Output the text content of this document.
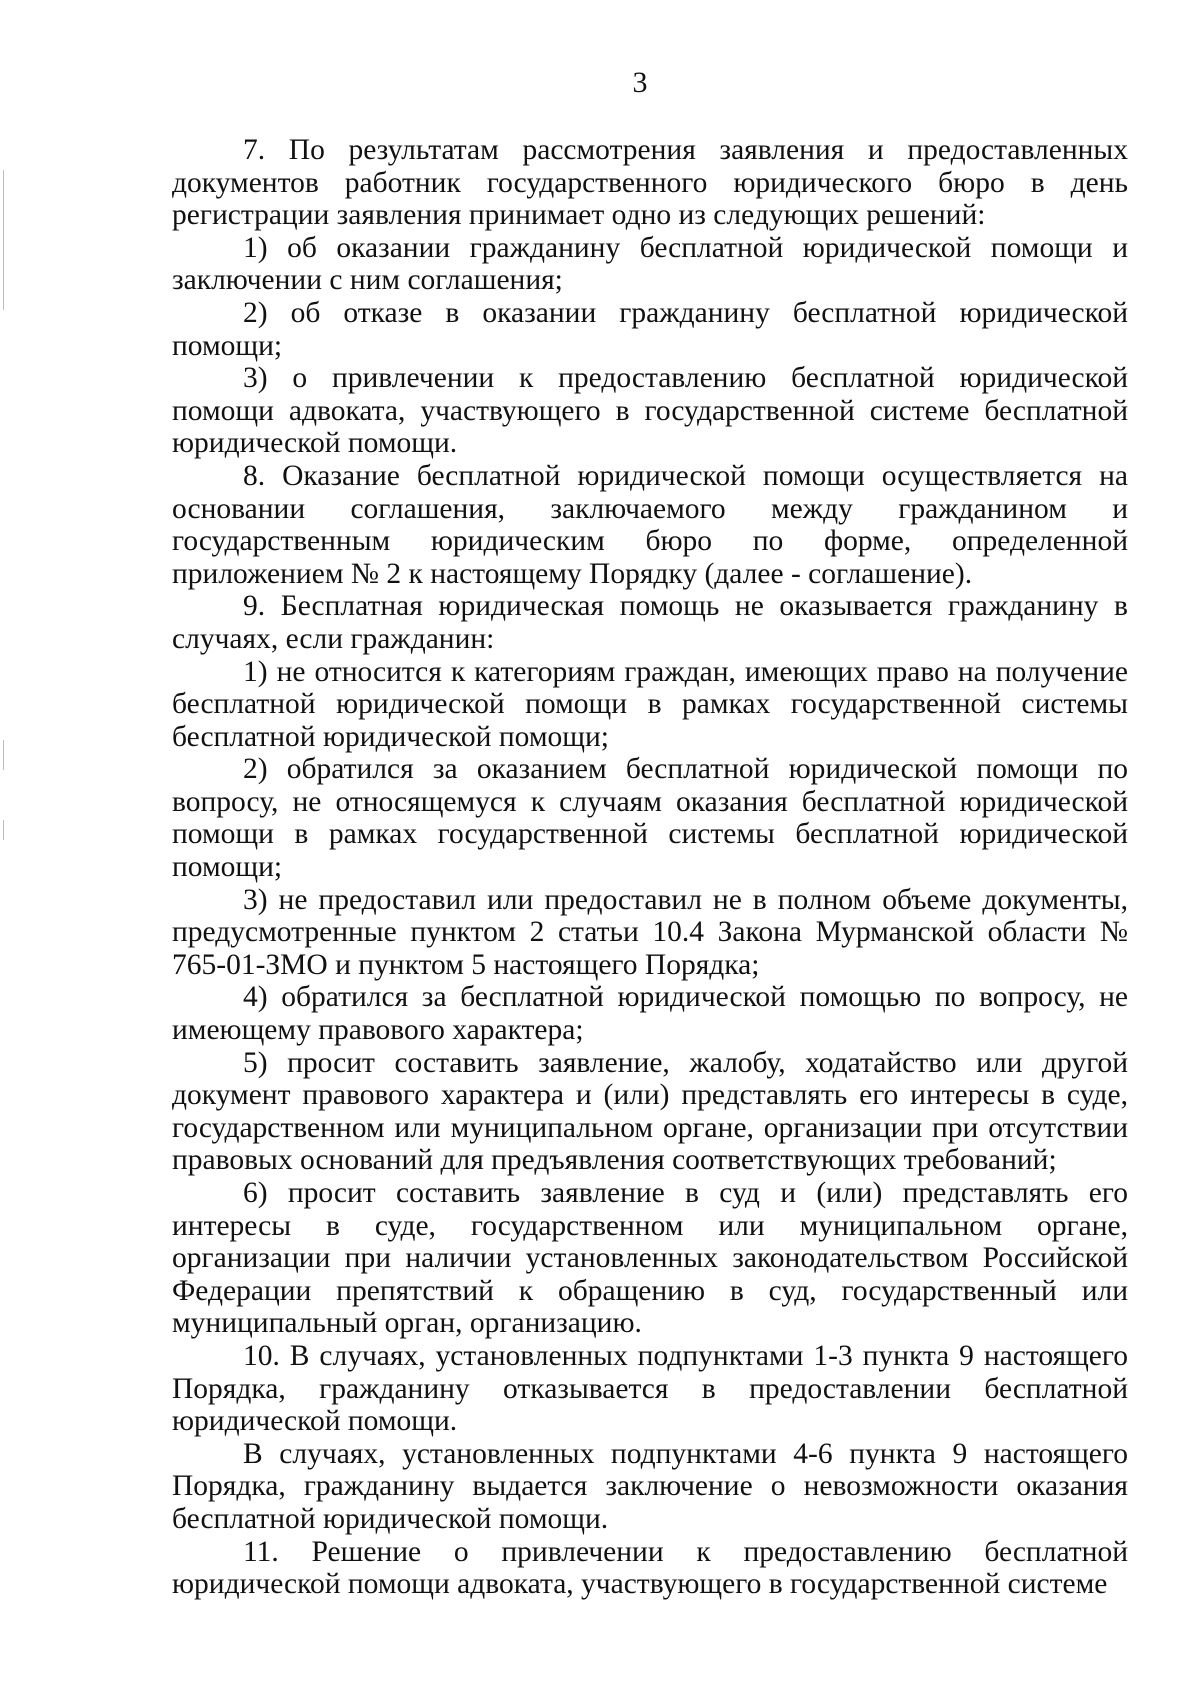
3

7. По результатам рассмотрения заявления и предоставленных документов работник государственного юридического бюро в день регистрации заявления принимает одно из следующих решений:

1) об оказании гражданину бесплатной юридической помощи и заключении с ним соглашения;

2) об отказе в оказании гражданину бесплатной юридической помощи;

3) о привлечении к предоставлению бесплатной юридической помощи адвоката, участвующего в государственной системе бесплатной юридической помощи.

8. Оказание бесплатной юридической помощи осуществляется на основании соглашения, заключаемого между гражданином и государственным юридическим бюро по форме, определенной приложением № 2 к настоящему Порядку (далее - соглашение).

9. Бесплатная юридическая помощь не оказывается гражданину в случаях, если гражданин:

1) не относится к категориям граждан, имеющих право на получение бесплатной юридической помощи в рамках государственной системы бесплатной юридической помощи;

2) обратился за оказанием бесплатной юридической помощи по вопросу, не относящемуся к случаям оказания бесплатной юридической помощи в рамках государственной системы бесплатной юридической помощи;

3) не предоставил или предоставил не в полном объеме документы, предусмотренные пунктом 2 статьи 10.4 Закона Мурманской области № 765-01-ЗМО и пунктом 5 настоящего Порядка;

4) обратился за бесплатной юридической помощью по вопросу, не имеющему правового характера;

5) просит составить заявление, жалобу, ходатайство или другой документ правового характера и (или) представлять его интересы в суде, государственном или муниципальном органе, организации при отсутствии правовых оснований для предъявления соответствующих требований;

6) просит составить заявление в суд и (или) представлять его интересы в суде, государственном или муниципальном органе, организации при наличии установленных законодательством Российской Федерации препятствий к обращению в суд, государственный или муниципальный орган, организацию.

10. В случаях, установленных подпунктами 1-3 пункта 9 настоящего Порядка, гражданину отказывается в предоставлении бесплатной юридической помощи.

В случаях, установленных подпунктами 4-6 пункта 9 настоящего Порядка, гражданину выдается заключение о невозможности оказания бесплатной юридической помощи.

11. Решение о привлечении к предоставлению бесплатной юридической помощи адвоката, участвующего в государственной системе
